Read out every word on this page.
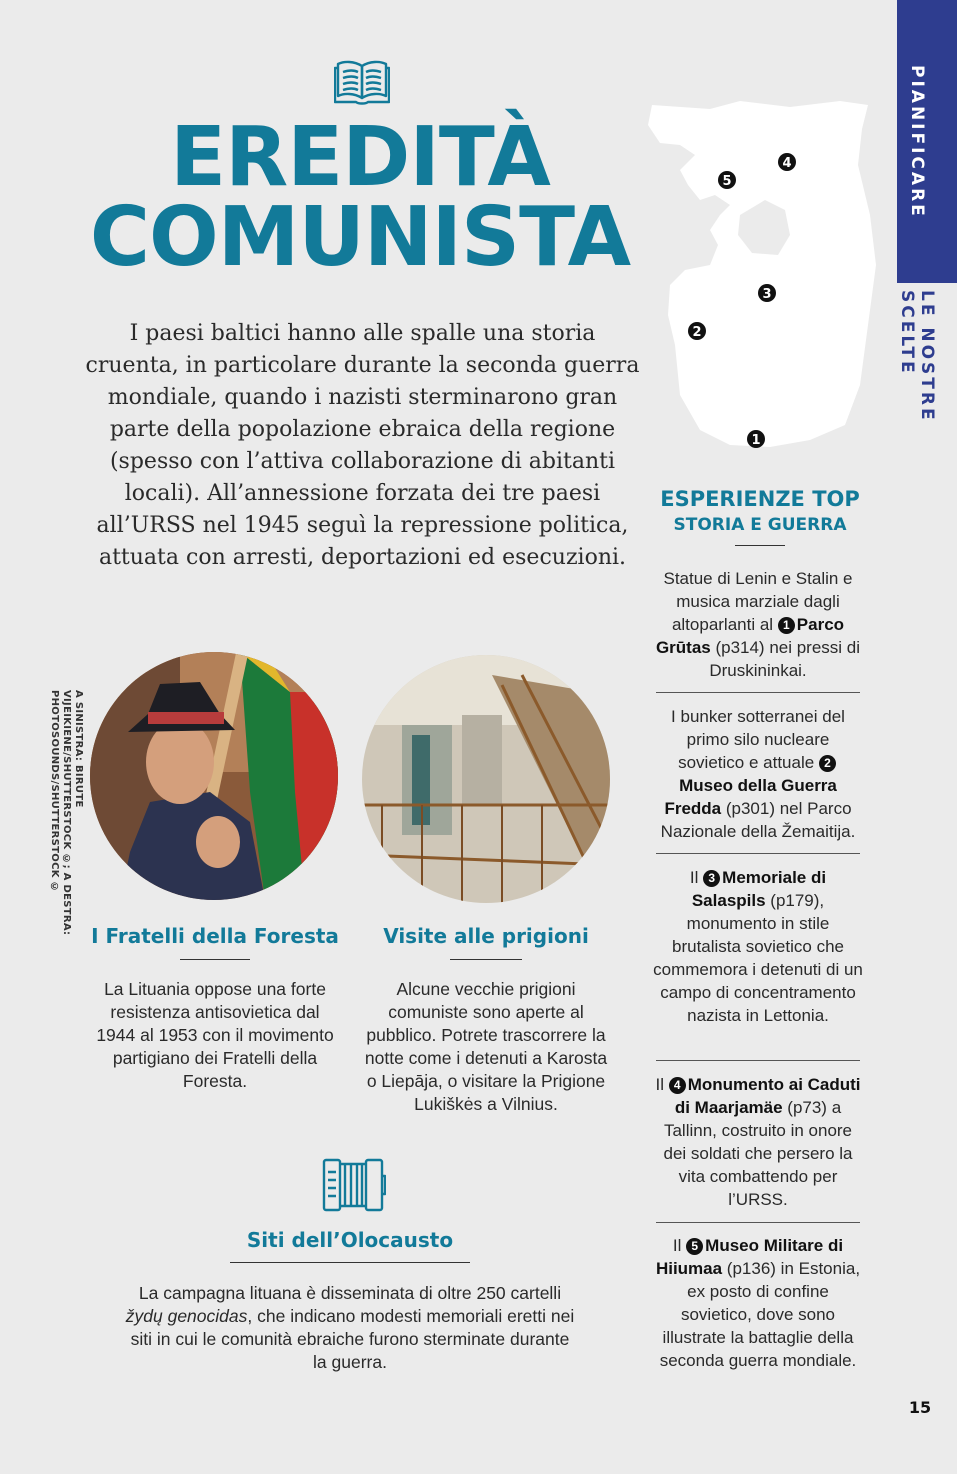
PIANIFICARE
LE NOSTRE SCELTE
EREDITÀ
COMUNISTA
I paesi baltici hanno alle spalle una storia cruenta, in particolare durante la seconda guerra mondiale, quando i nazisti sterminarono gran parte della popolazione ebraica della regione (spesso con l’attiva collaborazione di abitanti locali). All’annessione forzata dei tre paesi all’URSS nel 1945 seguì la repressione politica, attuata con arresti, deportazioni ed esecuzioni.
5
4
3
2
1
ESPERIENZE TOP
STORIA E GUERRA
Statue di Lenin e Stalin e musica marziale dagli altoparlanti al 1 Parco Grūtas (p314) nei pressi di Druskininkai.
I bunker sotterranei del primo silo nucleare sovietico e attuale 2Museo della Guerra Fredda (p301) nel Parco Nazionale della Žemaitija.
Il 3 Memoriale di Salaspils (p179), monumento in stile brutalista sovietico che commemora i detenuti di un campo di concentramento nazista in Lettonia.
Il 4 Monumento ai Caduti di Maarjamäe (p73) a Tallinn, costruito in onore dei soldati che persero la vita combattendo per l’URSS.
Il 5 Museo Militare di Hiiumaa (p136) in Estonia, ex posto di confine sovietico, dove sono illustrate la battaglie della seconda guerra mondiale.
A SINISTRA: BIRUTE VIJEIKIENE/SHUTTERSTOCK ©; A DESTRA: PHOTOSOUNDS/SHUTTERSTOCK ©
I Fratelli della Foresta
La Lituania oppose una forte resistenza antisovietica dal 1944 al 1953 con il movimento partigiano dei Fratelli della Foresta.
Visite alle prigioni
Alcune vecchie prigioni comuniste sono aperte al pubblico. Potrete trascorrere la notte come i detenuti a Karosta o Liepāja, o visitare la Prigione Lukiškės a Vilnius.
Siti dell’Olocausto
La campagna lituana è disseminata di oltre 250 cartelli žydų genocidas, che indicano modesti memoriali eretti nei siti in cui le comunità ebraiche furono sterminate durante la guerra.
15
